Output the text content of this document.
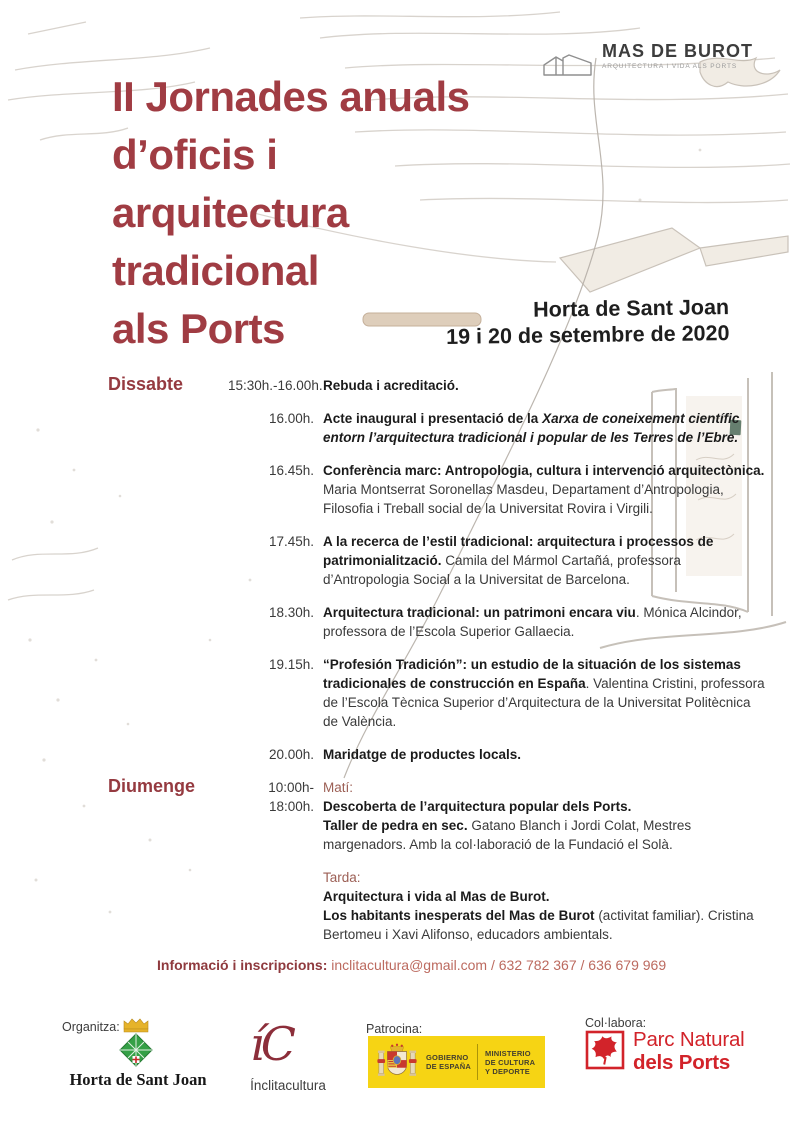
MAS DE BUROT
ARQUITECTURA I VIDA ALS PORTS
II Jornades anuals
d’oficis i
arquitectura
tradicional
als Ports	Horta de Sant Joan
19 i 20 de setembre de 2020
Dissabte	15:30h.-16.00h. Rebuda i acreditació.
16.00h. Acte inaugural i presentació de la Xarxa de coneixement científic
entorn l’arquitectura tradicional i popular de les Terres de l’Ebre.
16.45h. Conferència marc: Antropologia, cultura i intervenció arquitectònica.
Maria Montserrat Soronellas Masdeu, Departament d’Antropologia,
Filosofia i Treball social de la Universitat Rovira i Virgili.
17.45h. A la recerca de l’estil tradicional: arquitectura i processos de
patrimonialització. Camila del Mármol Cartañá, professora
d’Antropologia Social a la Universitat de Barcelona.
18.30h. Arquitectura tradicional: un patrimoni encara viu. Mónica Alcindor,
professora de l’Escola Superior Gallaecia.
19.15h. “Profesión Tradición”: un estudio de la situación de los sistemas
tradicionales de construcción en España. Valentina Cristini, professora
de l’Escola Tècnica Superior d’Arquitectura de la Universitat Politècnica
de València.
20.00h. Maridatge de productes locals.
Diumenge	10:00h-18:00h.
Matí:
Descoberta de l’arquitectura popular dels Ports.
Taller de pedra en sec. Gatano Blanch i Jordi Colat, Mestres
margenadors. Amb la col·laboració de la Fundació el Solà.
Tarda:
Arquitectura i vida al Mas de Burot.
Los habitants inesperats del Mas de Burot (activitat familiar). Cristina
Bertomeu i Xavi Alifonso, educadors ambientals.
Informació i inscripcions: inclitacultura@gmail.com / 632 782 367 / 636 679 969
Organitza:
Horta de Sant Joan
íC
Ínclitacultura
Patrocina:
GOBIERNO
DE ESPAÑA
MINISTERIO
DE CULTURA
Y DEPORTE
Col·labora:
Parc Natural
dels Ports
